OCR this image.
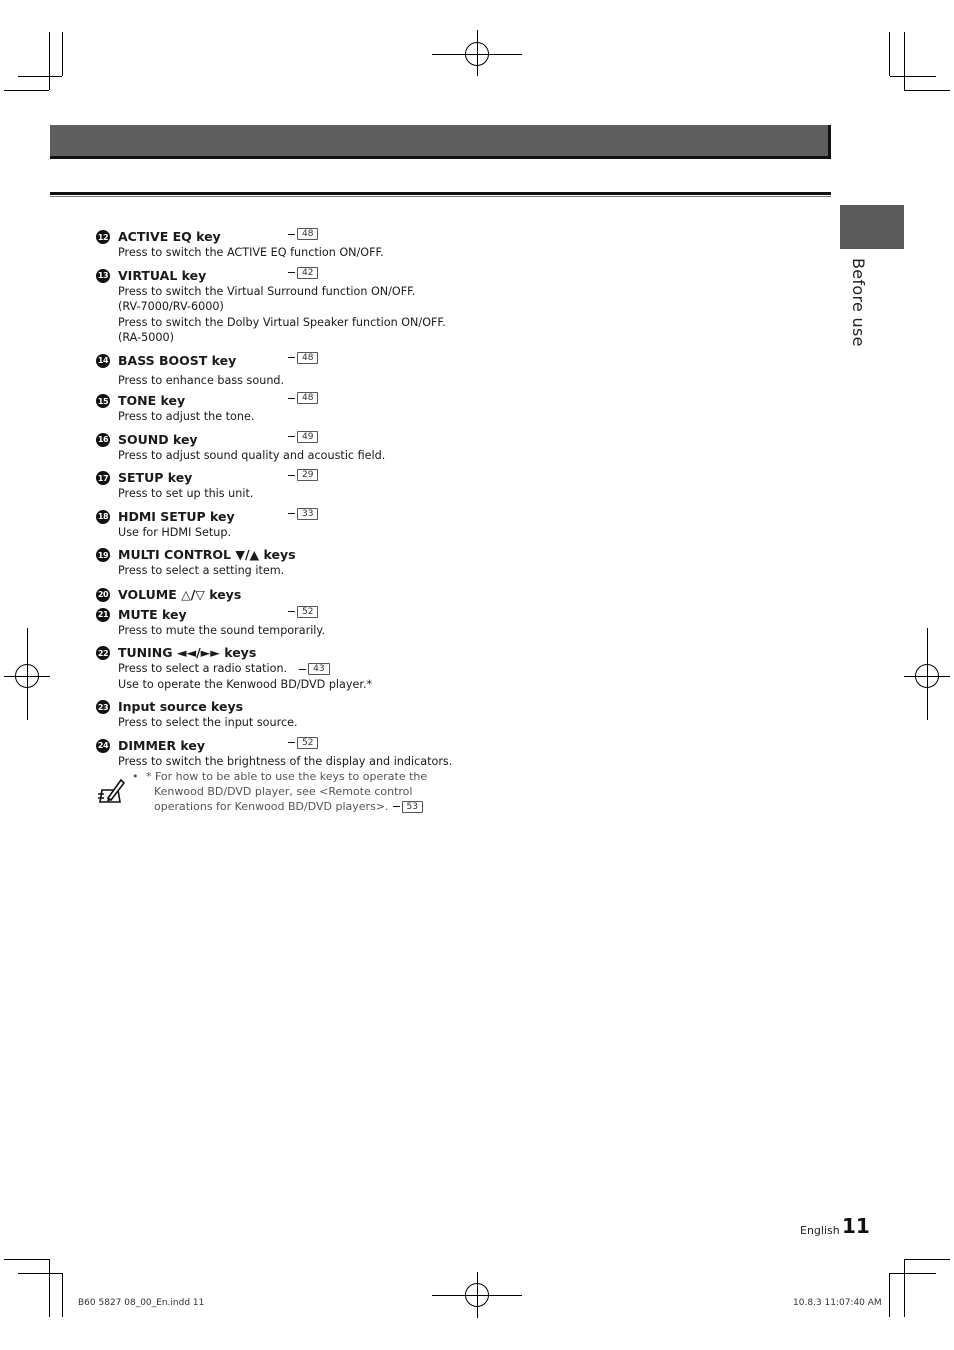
Before use
12 ACTIVE EQ key	48
Press to switch the ACTIVE EQ function ON/OFF.
13 VIRTUAL key	42
Press to switch the Virtual Surround function ON/OFF.
(RV-7000/RV-6000)
Press to switch the Dolby Virtual Speaker function ON/OFF.
(RA-5000)
14 BASS BOOST key	48
Press to enhance bass sound.
15 TONE key	48
Press to adjust the tone.
16 SOUND key	49
Press to adjust sound quality and acoustic field.
17 SETUP key	29
Press to set up this unit.
18 HDMI SETUP key	33
Use for HDMI Setup.
19 MULTI CONTROL ▼/▲ keys
Press to select a setting item.
20 VOLUME △/▽ keys
21 MUTE key	52
Press to mute the sound temporarily.
22 TUNING ◄◄/►► keys
Press to select a radio station.	43
Use to operate the Kenwood BD/DVD player.*
23 Input source keys
Press to select the input source.
24 DIMMER key	52
Press to switch the brightness of the display and indicators.
• * For how to be able to use the keys to operate the
Kenwood BD/DVD player, see <Remote control
operations for Kenwood BD/DVD players>.	53
English 11
B60 5827 08_00_En.indd 11	10.8.3 11:07:40 AM
